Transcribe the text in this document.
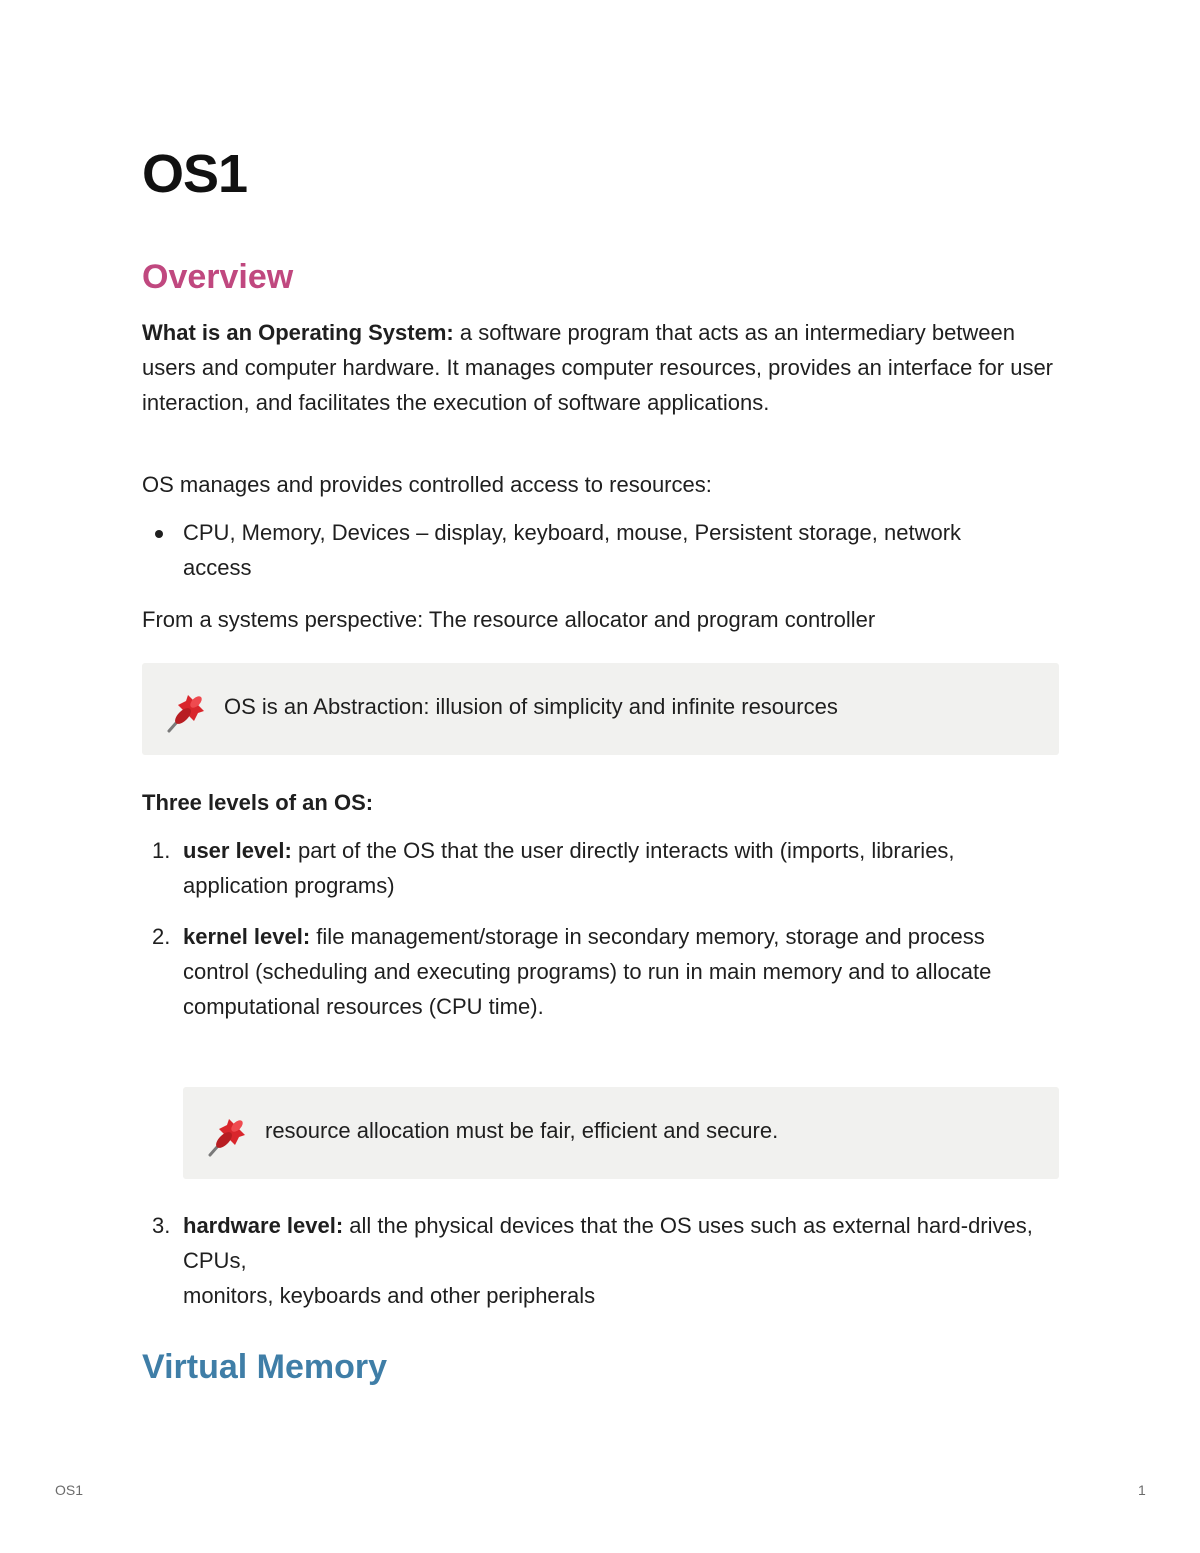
OS1
Overview

What is an Operating System: a software program that acts as an intermediary between users and computer hardware. It manages computer resources, provides an interface for user interaction, and facilitates the execution of software applications.

OS manages and provides controlled access to resources:

CPU, Memory, Devices – display, keyboard, mouse, Persistent storage, network access

From a systems perspective: The resource allocator and program controller

OS is an Abstraction: illusion of simplicity and infinite resources

Three levels of an OS:

1. user level: part of the OS that the user directly interacts with (imports, libraries, application programs)
2. kernel level: file management/storage in secondary memory, storage and process
control (scheduling and executing programs) to run in main memory and to allocate computational resources (CPU time).
resource allocation must be fair, efficient and secure.
3. hardware level: all the physical devices that the OS uses such as external hard-drives, CPUs,
monitors, keyboards and other peripherals
Virtual Memory
OS1	1
